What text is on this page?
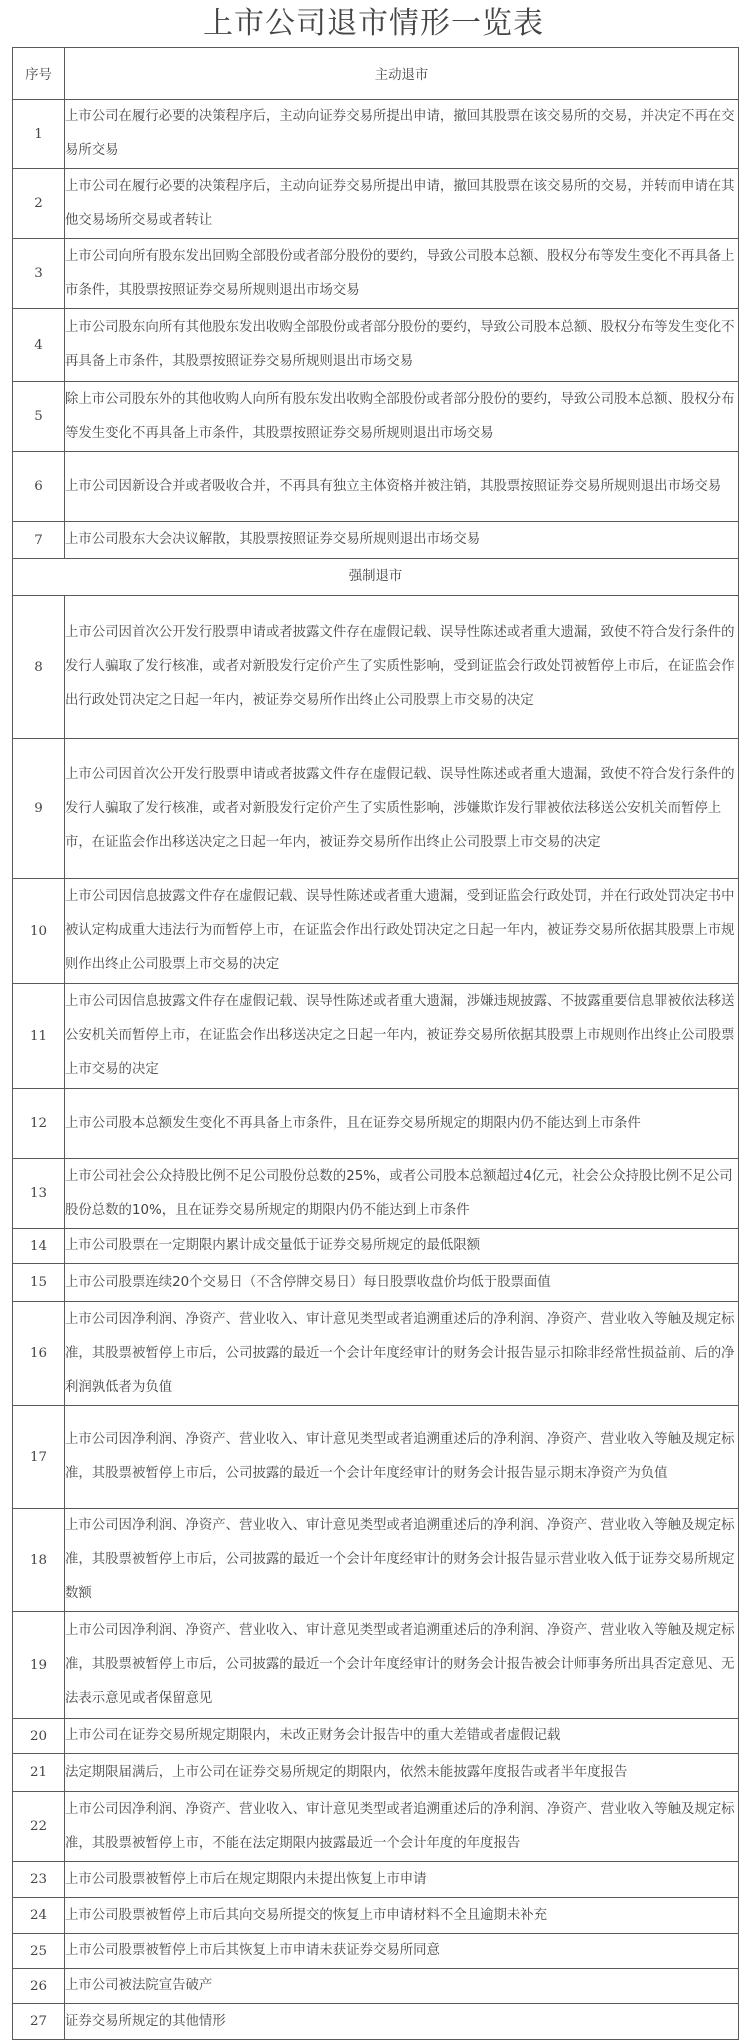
上市公司退市情形一览表
序号	主动退市
1	上市公司在履行必要的决策程序后，主动向证券交易所提出申请，撤回其股票在该交易所的交易，并决定不再在交易所交易
2	上市公司在履行必要的决策程序后，主动向证券交易所提出申请，撤回其股票在该交易所的交易，并转而申请在其他交易场所交易或者转让
3	上市公司向所有股东发出回购全部股份或者部分股份的要约，导致公司股本总额、股权分布等发生变化不再具备上市条件，其股票按照证券交易所规则退出市场交易
4	上市公司股东向所有其他股东发出收购全部股份或者部分股份的要约，导致公司股本总额、股权分布等发生变化不再具备上市条件，其股票按照证券交易所规则退出市场交易
5	除上市公司股东外的其他收购人向所有股东发出收购全部股份或者部分股份的要约，导致公司股本总额、股权分布等发生变化不再具备上市条件，其股票按照证券交易所规则退出市场交易
6	上市公司因新设合并或者吸收合并，不再具有独立主体资格并被注销，其股票按照证券交易所规则退出市场交易
7	上市公司股东大会决议解散，其股票按照证券交易所规则退出市场交易
强制退市	
8	上市公司因首次公开发行股票申请或者披露文件存在虚假记载、误导性陈述或者重大遗漏，致使不符合发行条件的发行人骗取了发行核准，或者对新股发行定价产生了实质性影响，受到证监会行政处罚被暂停上市后，在证监会作出行政处罚决定之日起一年内，被证券交易所作出终止公司股票上市交易的决定
9	上市公司因首次公开发行股票申请或者披露文件存在虚假记载、误导性陈述或者重大遗漏，致使不符合发行条件的发行人骗取了发行核准，或者对新股发行定价产生了实质性影响，涉嫌欺诈发行罪被依法移送公安机关而暂停上市，在证监会作出移送决定之日起一年内，被证券交易所作出终止公司股票上市交易的决定
10	上市公司因信息披露文件存在虚假记载、误导性陈述或者重大遗漏，受到证监会行政处罚，并在行政处罚决定书中被认定构成重大违法行为而暂停上市，在证监会作出行政处罚决定之日起一年内，被证券交易所依据其股票上市规则作出终止公司股票上市交易的决定
11	上市公司因信息披露文件存在虚假记载、误导性陈述或者重大遗漏，涉嫌违规披露、不披露重要信息罪被依法移送公安机关而暂停上市，在证监会作出移送决定之日起一年内，被证券交易所依据其股票上市规则作出终止公司股票上市交易的决定
12	上市公司股本总额发生变化不再具备上市条件，且在证券交易所规定的期限内仍不能达到上市条件
13	上市公司社会公众持股比例不足公司股份总数的25%，或者公司股本总额超过4亿元，社会公众持股比例不足公司股份总数的10%，且在证券交易所规定的期限内仍不能达到上市条件
14	上市公司股票在一定期限内累计成交量低于证券交易所规定的最低限额
15	上市公司股票连续20个交易日（不含停牌交易日）每日股票收盘价均低于股票面值
16	上市公司因净利润、净资产、营业收入、审计意见类型或者追溯重述后的净利润、净资产、营业收入等触及规定标准，其股票被暂停上市后，公司披露的最近一个会计年度经审计的财务会计报告显示扣除非经常性损益前、后的净利润孰低者为负值
17	上市公司因净利润、净资产、营业收入、审计意见类型或者追溯重述后的净利润、净资产、营业收入等触及规定标准，其股票被暂停上市后，公司披露的最近一个会计年度经审计的财务会计报告显示期末净资产为负值
18	上市公司因净利润、净资产、营业收入、审计意见类型或者追溯重述后的净利润、净资产、营业收入等触及规定标准，其股票被暂停上市后，公司披露的最近一个会计年度经审计的财务会计报告显示营业收入低于证券交易所规定数额
19	上市公司因净利润、净资产、营业收入、审计意见类型或者追溯重述后的净利润、净资产、营业收入等触及规定标准，其股票被暂停上市后，公司披露的最近一个会计年度经审计的财务会计报告被会计师事务所出具否定意见、无法表示意见或者保留意见
20	上市公司在证券交易所规定期限内，未改正财务会计报告中的重大差错或者虚假记载
21	法定期限届满后，上市公司在证券交易所规定的期限内，依然未能披露年度报告或者半年度报告
22	上市公司因净利润、净资产、营业收入、审计意见类型或者追溯重述后的净利润、净资产、营业收入等触及规定标准，其股票被暂停上市，不能在法定期限内披露最近一个会计年度的年度报告
23	上市公司股票被暂停上市后在规定期限内未提出恢复上市申请
24	上市公司股票被暂停上市后其向交易所提交的恢复上市申请材料不全且逾期未补充
25	上市公司股票被暂停上市后其恢复上市申请未获证券交易所同意
26	上市公司被法院宣告破产
27	证券交易所规定的其他情形
